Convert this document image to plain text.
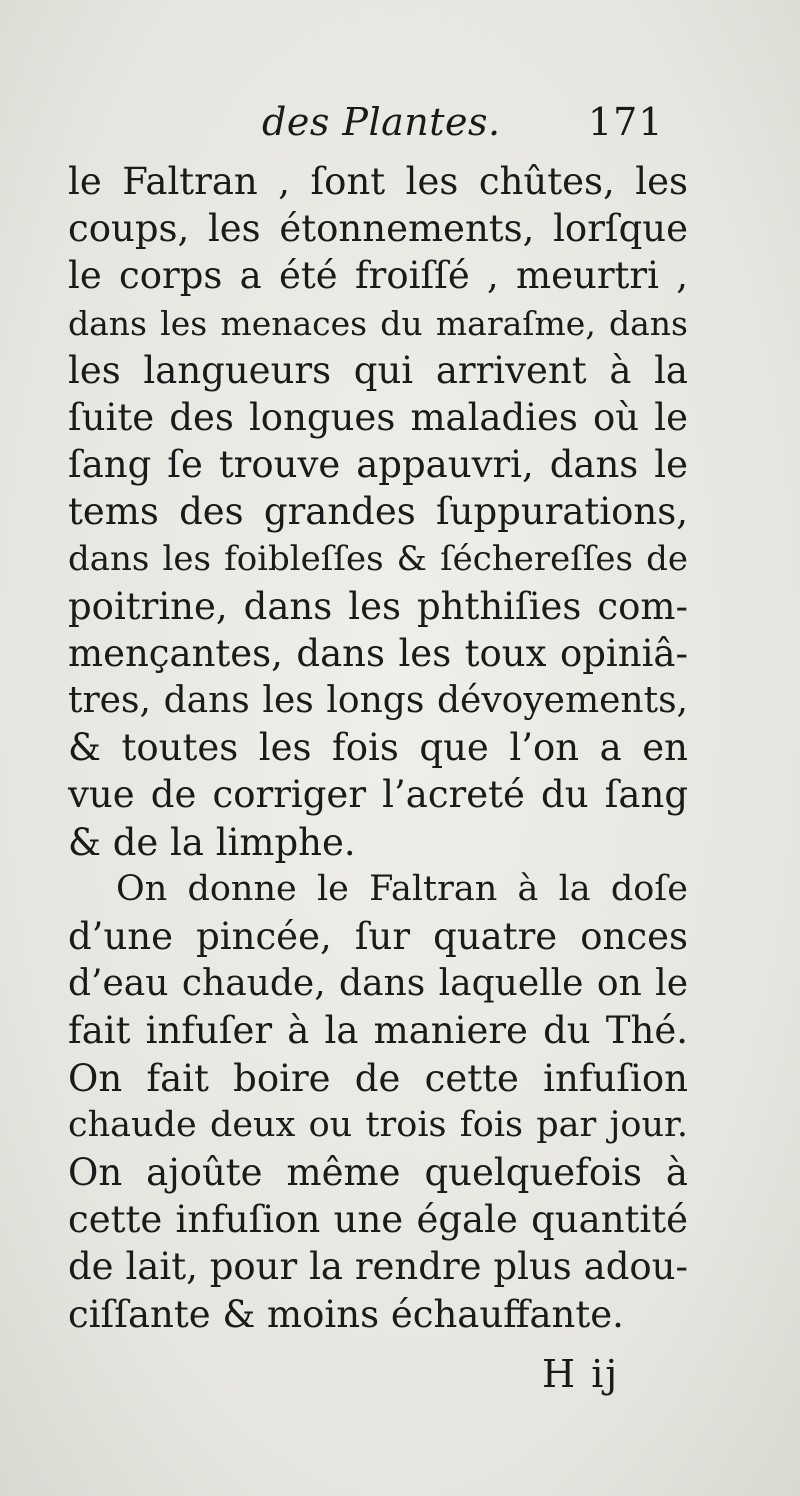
des Plantes. 171
le Faltran , ſont les chûtes, les
coups, les étonnements, lorſque
le corps a été froiſſé , meurtri ,
dans les menaces du maraſme, dans
les langueurs qui arrivent à la
ſuite des longues maladies où le
ſang ſe trouve appauvri, dans le
tems des grandes ſuppurations,
dans les foibleſſes & ſéchereſſes de
poitrine, dans les phthiſies com-
mençantes, dans les toux opiniâ-
tres, dans les longs dévoyements,
& toutes les fois que l’on a en
vue de corriger l’acreté du ſang
& de la limphe.
On donne le Faltran à la doſe
d’une pincée, ſur quatre onces
d’eau chaude, dans laquelle on le
fait infuſer à la maniere du Thé.
On fait boire de cette infuſion
chaude deux ou trois fois par jour.
On ajoûte même quelquefois à
cette infuſion une égale quantité
de lait, pour la rendre plus adou-
ciſſante & moins échauffante.
H ij
